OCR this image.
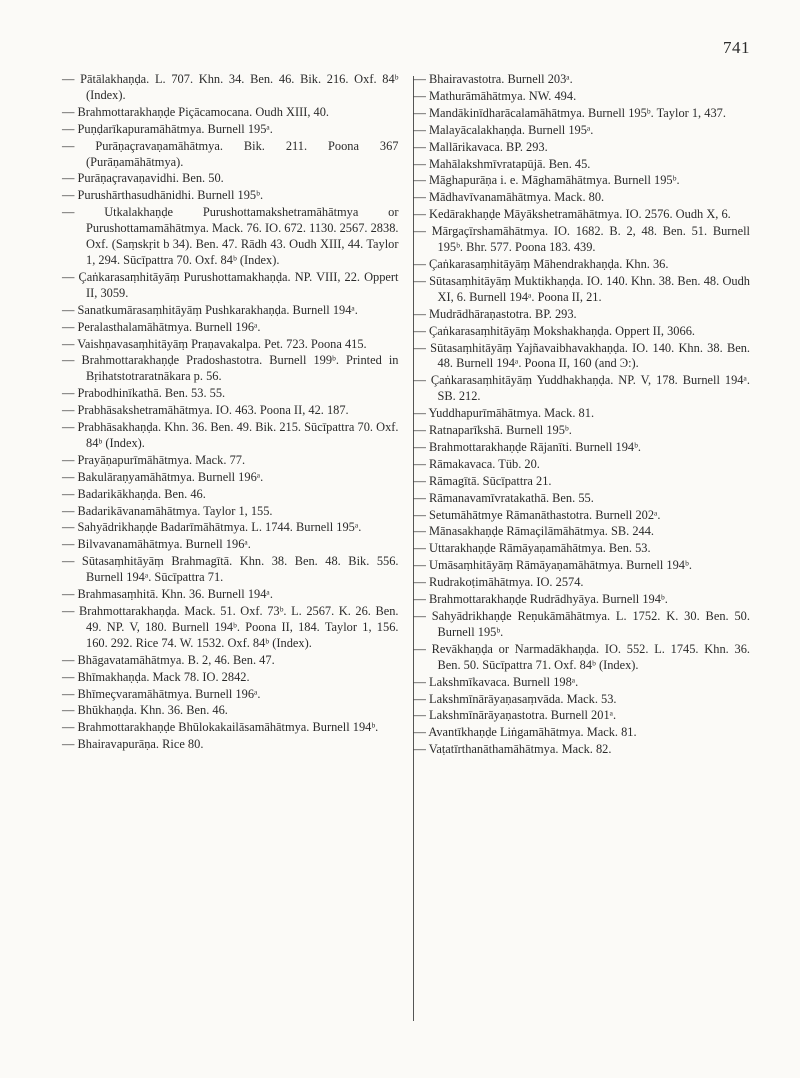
741
— Pātālakhaṇḍa. L. 707. Khn. 34. Ben. 46. Bik. 216. Oxf. 84ᵇ (Index).
— Brahmottarakhaṇḍe Piçācamocana. Oudh XIII, 40.
— Puṇḍarīkapuramāhātmya. Burnell 195ᵃ.
— Purāṇaçravaṇamāhātmya. Bik. 211. Poona 367 (Purāṇamāhātmya).
— Purāṇaçravaṇavidhi. Ben. 50.
— Purushārthasudhānidhi. Burnell 195ᵇ.
— Utkalakhaṇḍe Purushottamakshetramāhātmya or Purushottamamāhātmya. Mack. 76. IO. 672. 1130. 2567. 2838. Oxf. (Saṃskṛit b 34). Ben. 47. Rādh 43. Oudh XIII, 44. Taylor 1, 294. Sūcīpattra 70. Oxf. 84ᵇ (Index).
— Çaṅkarasaṃhitāyāṃ Purushottamakhaṇḍa. NP. VIII, 22. Oppert II, 3059.
— Sanatkumārasaṃhitāyāṃ Pushkarakhaṇḍa. Burnell 194ᵃ.
— Peralasthalamāhātmya. Burnell 196ᵃ.
— Vaishṇavasaṃhitāyāṃ Praṇavakalpa. Pet. 723. Poona 415.
— Brahmottarakhaṇḍe Pradoshastotra. Burnell 199ᵇ. Printed in Bṛihatstotraratnākara p. 56.
— Prabodhinīkathā. Ben. 53. 55.
— Prabhāsakshetramāhātmya. IO. 463. Poona II, 42. 187.
— Prabhāsakhaṇḍa. Khn. 36. Ben. 49. Bik. 215. Sūcīpattra 70. Oxf. 84ᵇ (Index).
— Prayāṇapurīmāhātmya. Mack. 77.
— Bakulāraṇyamāhātmya. Burnell 196ᵃ.
— Badarikākhaṇḍa. Ben. 46.
— Badarikāvanamāhātmya. Taylor 1, 155.
— Sahyādrikhaṇḍe Badarīmāhātmya. L. 1744. Burnell 195ᵃ.
— Bilvavanamāhātmya. Burnell 196ᵃ.
— Sūtasaṃhitāyāṃ Brahmagītā. Khn. 38. Ben. 48. Bik. 556. Burnell 194ᵃ. Sūcīpattra 71.
— Brahmasaṃhitā. Khn. 36. Burnell 194ᵃ.
— Brahmottarakhaṇḍa. Mack. 51. Oxf. 73ᵇ. L. 2567. K. 26. Ben. 49. NP. V, 180. Burnell 194ᵇ. Poona II, 184. Taylor 1, 156. 160. 292. Rice 74. W. 1532. Oxf. 84ᵇ (Index).
— Bhāgavatamāhātmya. B. 2, 46. Ben. 47.
— Bhīmakhaṇḍa. Mack 78. IO. 2842.
— Bhīmeçvaramāhātmya. Burnell 196ᵃ.
— Bhūkhaṇḍa. Khn. 36. Ben. 46.
— Brahmottarakhaṇḍe Bhūlokakailāsamāhātmya. Burnell 194ᵇ.
— Bhairavapurāṇa. Rice 80.
— Bhairavastotra. Burnell 203ᵃ.
— Mathurāmāhātmya. NW. 494.
— Mandākinīdharācalamāhātmya. Burnell 195ᵇ. Taylor 1, 437.
— Malayācalakhaṇḍa. Burnell 195ᵃ.
— Mallārikavaca. BP. 293.
— Mahālakshmīvratapūjā. Ben. 45.
— Māghapurāṇa i. e. Māghamāhātmya. Burnell 195ᵇ.
— Mādhavīvanamāhātmya. Mack. 80.
— Kedārakhaṇḍe Māyākshetramāhātmya. IO. 2576. Oudh X, 6.
— Mārgaçīrshamāhātmya. IO. 1682. B. 2, 48. Ben. 51. Burnell 195ᵇ. Bhr. 577. Poona 183. 439.
— Çaṅkarasaṃhitāyāṃ Māhendrakhaṇḍa. Khn. 36.
— Sūtasaṃhitāyāṃ Muktikhaṇḍa. IO. 140. Khn. 38. Ben. 48. Oudh XI, 6. Burnell 194ᵃ. Poona II, 21.
— Mudrādhāraṇastotra. BP. 293.
— Çaṅkarasaṃhitāyāṃ Mokshakhaṇḍa. Oppert II, 3066.
— Sūtasaṃhitāyāṃ Yajñavaibhavakhaṇḍa. IO. 140. Khn. 38. Ben. 48. Burnell 194ᵃ. Poona II, 160 (and Ͽ:).
— Çaṅkarasaṃhitāyāṃ Yuddhakhaṇḍa. NP. V, 178. Burnell 194ᵃ. SB. 212.
— Yuddhapurīmāhātmya. Mack. 81.
— Ratnaparīkshā. Burnell 195ᵇ.
— Brahmottarakhaṇḍe Rājanīti. Burnell 194ᵇ.
— Rāmakavaca. Tüb. 20.
— Rāmagītā. Sūcīpattra 21.
— Rāmanavamīvratakathā. Ben. 55.
— Setumāhātmye Rāmanāthastotra. Burnell 202ᵃ.
— Mānasakhaṇḍe Rāmaçilāmāhātmya. SB. 244.
— Uttarakhaṇḍe Rāmāyaṇamāhātmya. Ben. 53.
— Umāsaṃhitāyāṃ Rāmāyaṇamāhātmya. Burnell 194ᵇ.
— Rudrakoṭimāhātmya. IO. 2574.
— Brahmottarakhaṇḍe Rudrādhyāya. Burnell 194ᵇ.
— Sahyādrikhaṇḍe Reṇukāmāhātmya. L. 1752. K. 30. Ben. 50. Burnell 195ᵇ.
— Revākhaṇḍa or Narmadākhaṇḍa. IO. 552. L. 1745. Khn. 36. Ben. 50. Sūcīpattra 71. Oxf. 84ᵇ (Index).
— Lakshmīkavaca. Burnell 198ᵃ.
— Lakshmīnārāyaṇasaṃvāda. Mack. 53.
— Lakshmīnārāyaṇastotra. Burnell 201ᵃ.
— Avantīkhaṇḍe Liṅgamāhātmya. Mack. 81.
— Vaṭatīrthanāthamāhātmya. Mack. 82.
